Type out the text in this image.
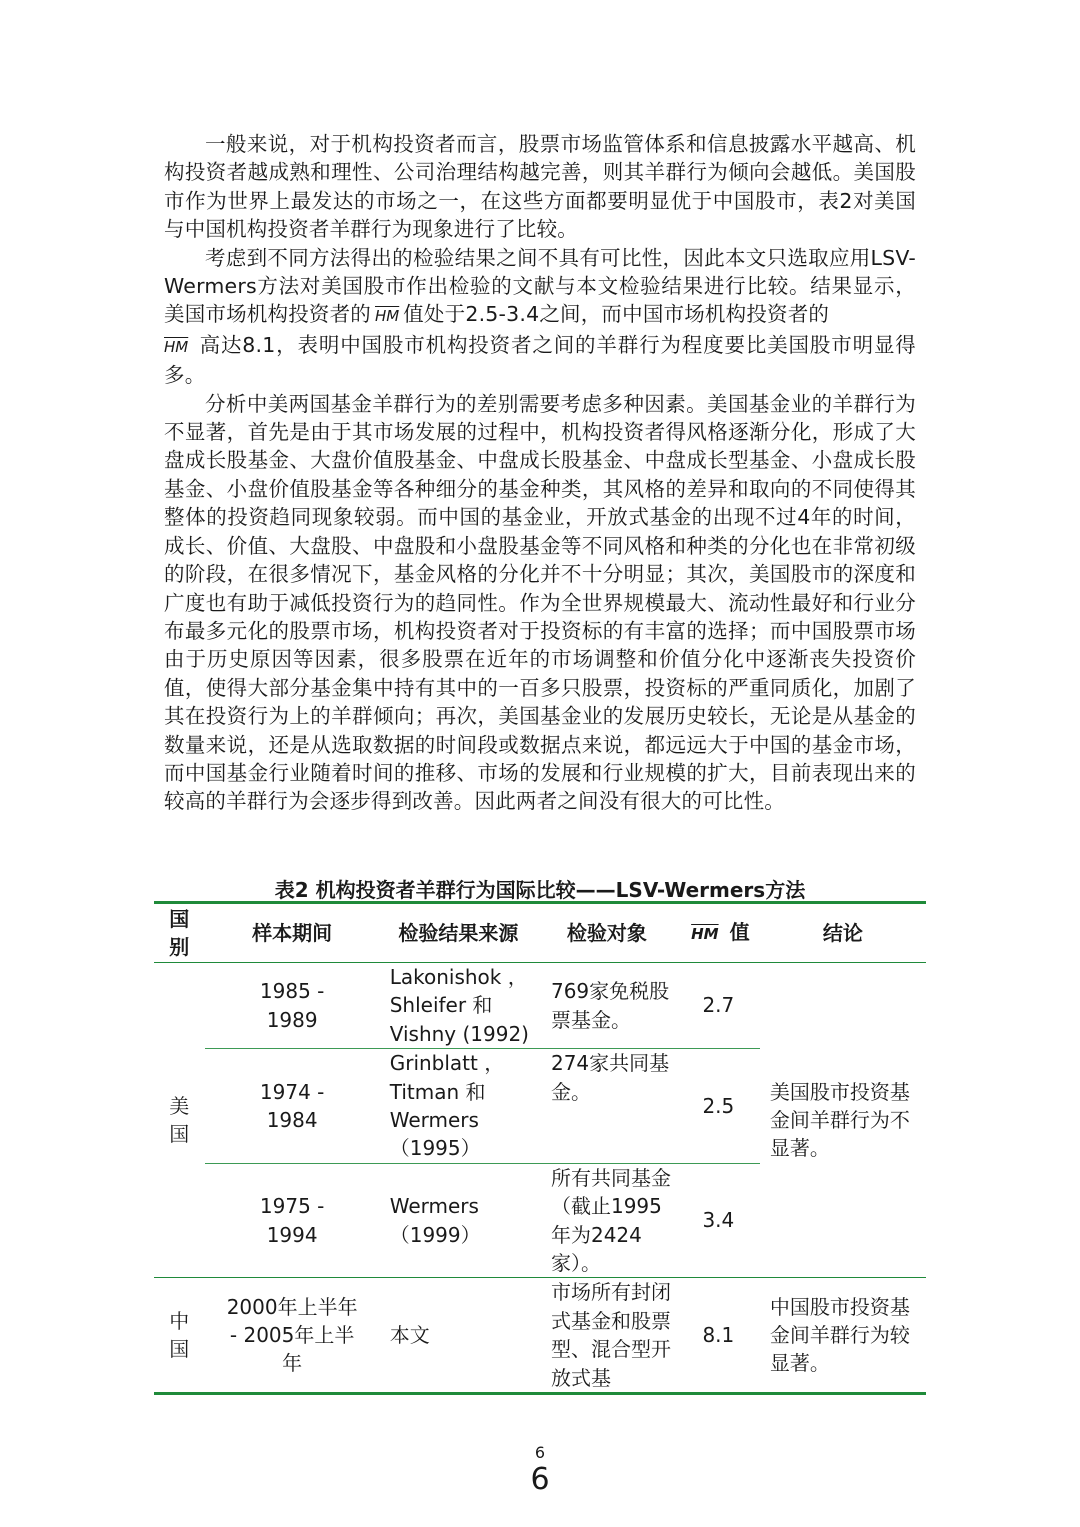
一般来说，对于机构投资者而言，股票市场监管体系和信息披露水平越高、机构投资者越成熟和理性、公司治理结构越完善，则其羊群行为倾向会越低。美国股市作为世界上最发达的市场之一，在这些方面都要明显优于中国股市，表2对美国与中国机构投资者羊群行为现象进行了比较。

考虑到不同方法得出的检验结果之间不具有可比性，因此本文只选取应用LSV-Wermers方法对美国股市作出检验的文献与本文检验结果进行比较。结果显示，美国市场机构投资者的 $\overline{HM}$ 值处于2.5-3.4之间，而中国市场机构投资者的
$\overline{HM}$ 高达8.1，表明中国股市机构投资者之间的羊群行为程度要比美国股市明显得多。

分析中美两国基金羊群行为的差别需要考虑多种因素。美国基金业的羊群行为不显著，首先是由于其市场发展的过程中，机构投资者得风格逐渐分化，形成了大盘成长股基金、大盘价值股基金、中盘成长股基金、中盘成长型基金、小盘成长股基金、小盘价值股基金等各种细分的基金种类，其风格的差异和取向的不同使得其整体的投资趋同现象较弱。而中国的基金业，开放式基金的出现不过4年的时间，成长、价值、大盘股、中盘股和小盘股基金等不同风格和种类的分化也在非常初级的阶段，在很多情况下，基金风格的分化并不十分明显；其次，美国股市的深度和广度也有助于减低投资行为的趋同性。作为全世界规模最大、流动性最好和行业分布最多元化的股票市场，机构投资者对于投资标的有丰富的选择；而中国股票市场由于历史原因等因素，很多股票在近年的市场调整和价值分化中逐渐丧失投资价值，使得大部分基金集中持有其中的一百多只股票，投资标的严重同质化，加剧了其在投资行为上的羊群倾向；再次，美国基金业的发展历史较长，无论是从基金的数量来说，还是从选取数据的时间段或数据点来说，都远远大于中国的基金市场，而中国基金行业随着时间的推移、市场的发展和行业规模的扩大，目前表现出来的较高的羊群行为会逐步得到改善。因此两者之间没有很大的可比性。

表2 机构投资者羊群行为国际比较——LSV-Wermers方法
国别	样本期间	检验结果来源	检验对象	$\overline{HM}$ 值	结论
美国	1985 - 1989	Lakonishok ， Shleifer 和 Vishny (1992)	769家免税股票基金。	2.7	美国股市投资基金间羊群行为不显著。
	1974 - 1984	Grinblatt ， Titman 和 Wermers （1995）	274家共同基金。	2.5	
	1975 - 1994	Wermers （1999）	所有共同基金（截止1995年为2424家）。	3.4	
中国	2000年上半年 - 2005年上半年	本文	市场所有封闭式基金和股票型、混合型开放式基	8.1	中国股市投资基金间羊群行为较显著。
6
6
